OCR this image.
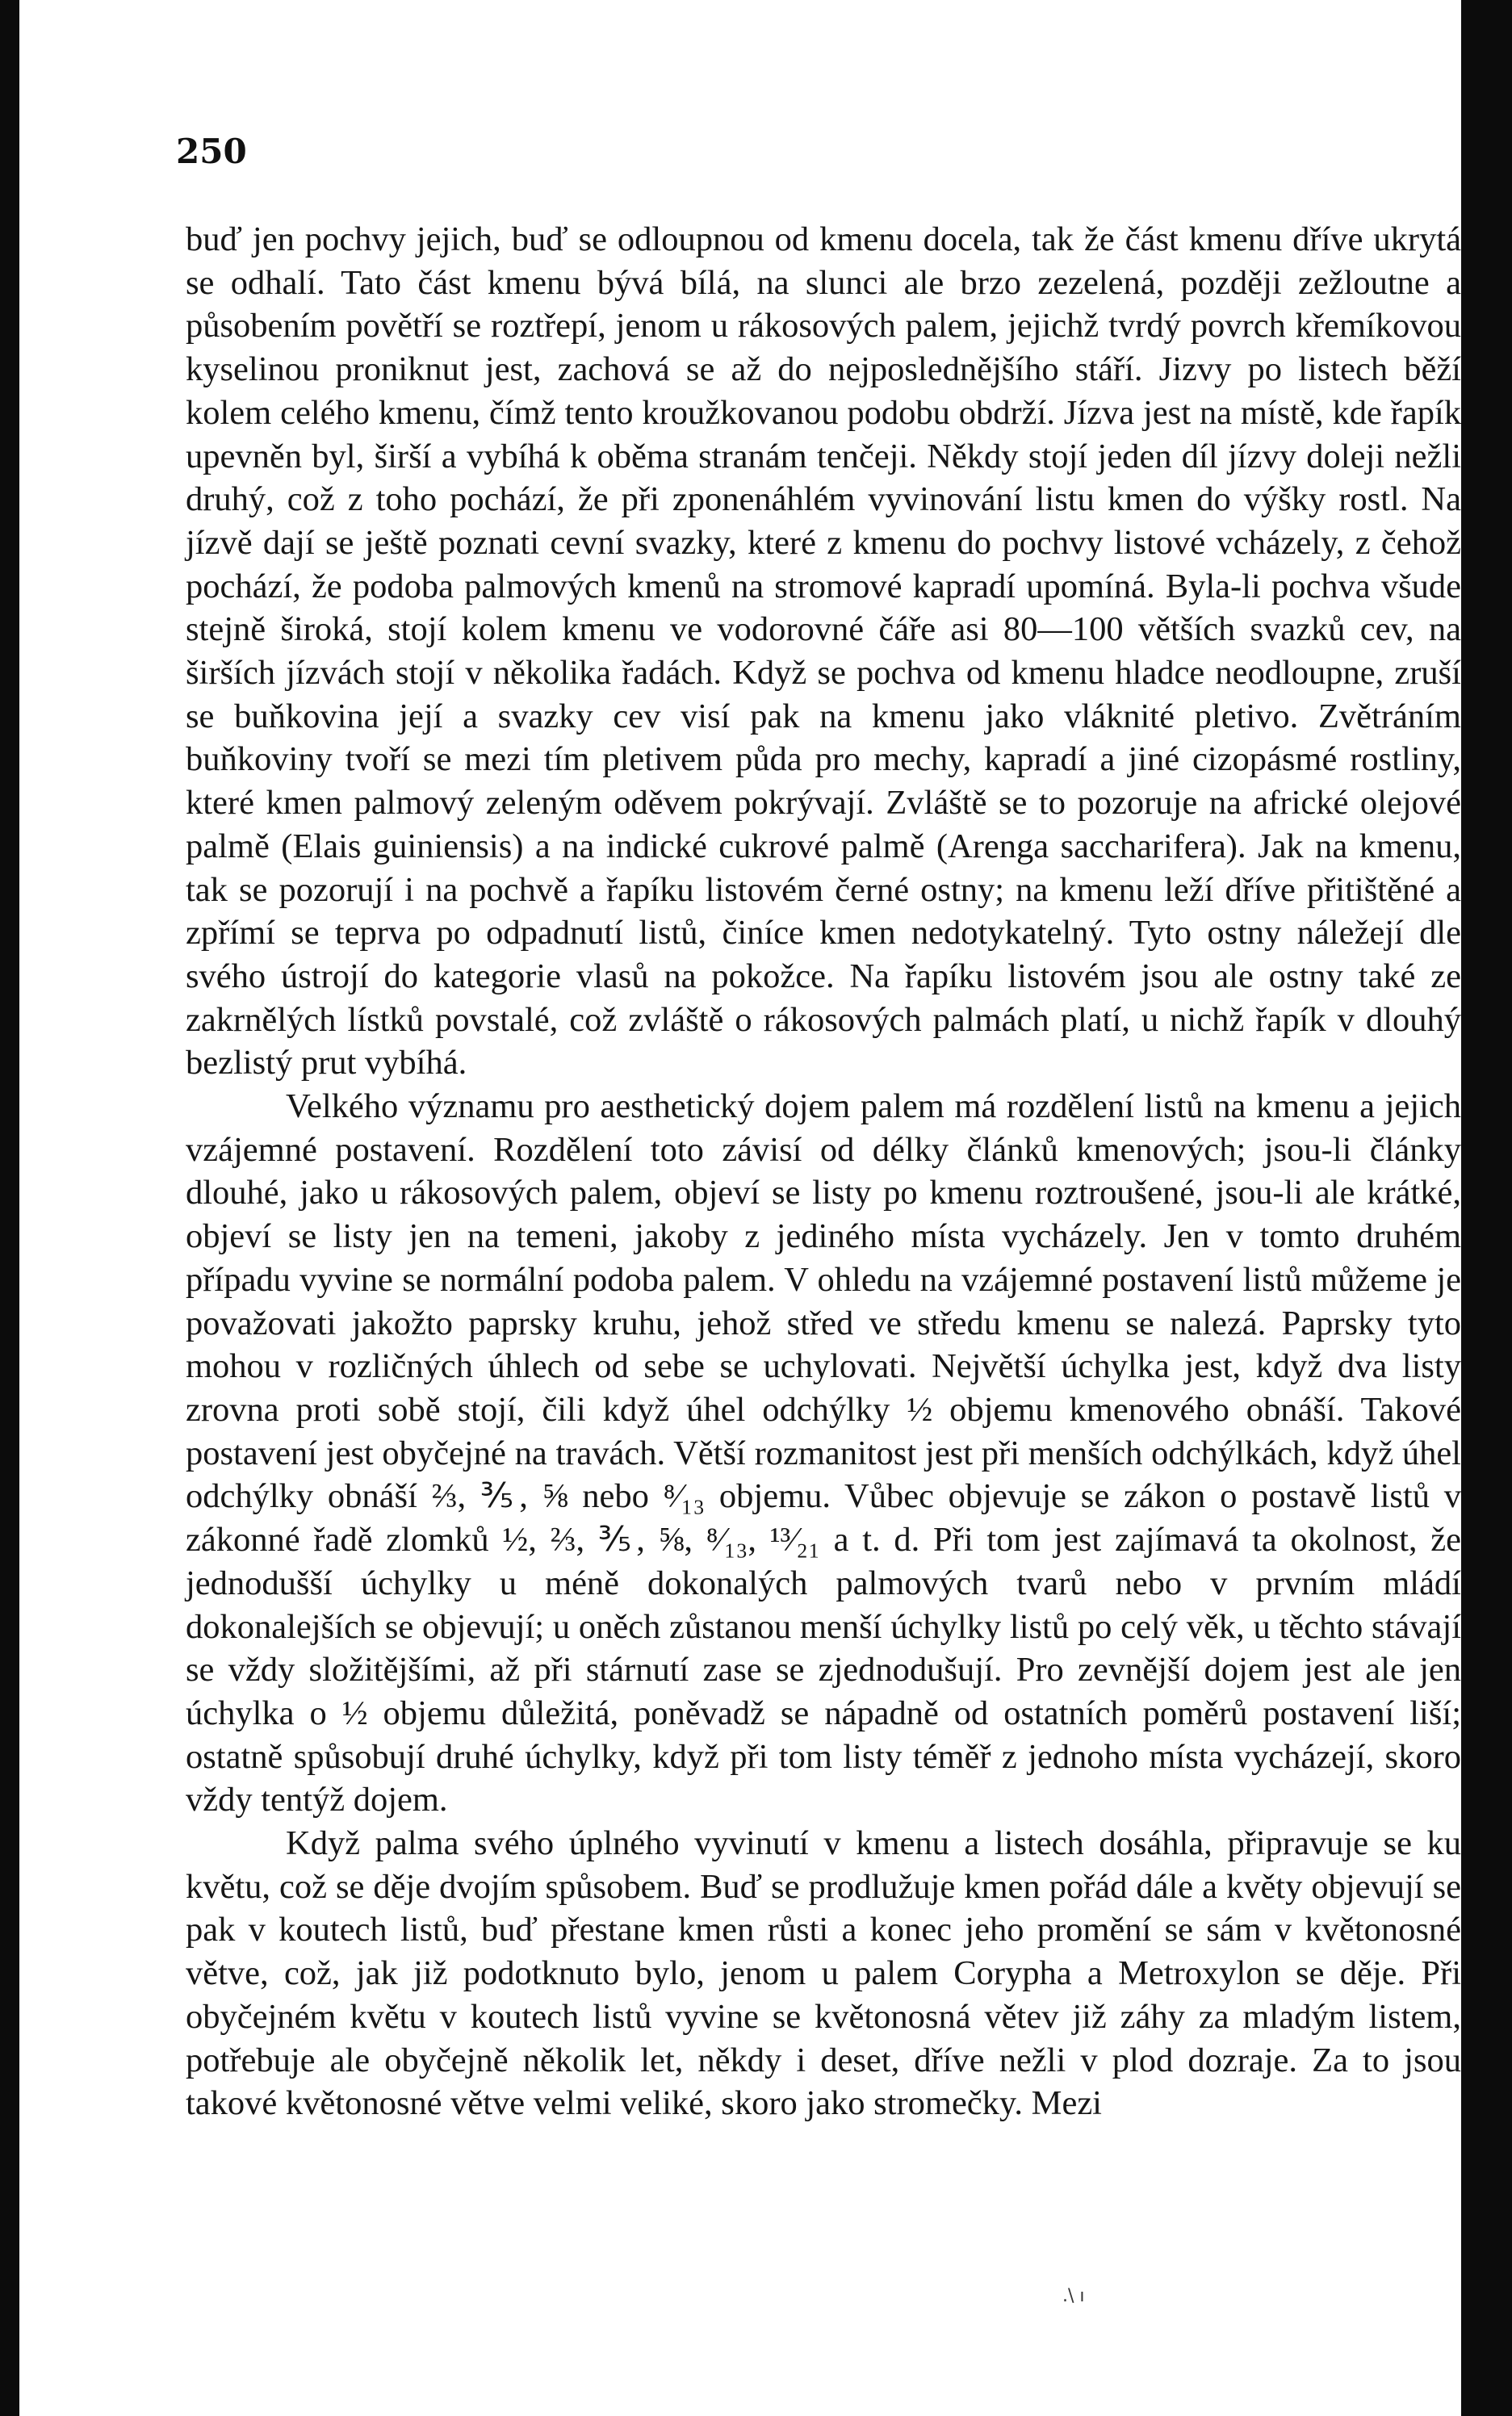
250

buď jen pochvy jejich, buď se odloupnou od kmenu docela, tak že část kmenu dříve ukrytá se odhalí. Tato část kmenu bývá bílá, na slunci ale brzo zezelená, později zežloutne a působením povětří se roztřepí, jenom u rákosových palem, jejichž tvrdý povrch křemíkovou kyselinou proniknut jest, zachová se až do nejposlednějšího stáří. Jizvy po listech běží kolem celého kmenu, čímž tento kroužkovanou podobu obdrží. Jízva jest na místě, kde řapík upevněn byl, širší a vybíhá k oběma stranám tenčeji. Někdy stojí jeden díl jízvy doleji nežli druhý, což z toho pochází, že při zponenáhlém vyvinování listu kmen do výšky rostl. Na jízvě dají se ještě poznati cevní svazky, které z kmenu do pochvy listové vcházely, z čehož pochází, že podoba palmových kmenů na stromové kapradí upomíná. Byla-li pochva všude stejně široká, stojí kolem kmenu ve vodorovné čáře asi 80—100 větších svazků cev, na širších jízvách stojí v několika řadách. Když se pochva od kmenu hladce neodloupne, zruší se buňkovina její a svazky cev visí pak na kmenu jako vláknité pletivo. Zvětráním buňkoviny tvoří se mezi tím pletivem půda pro mechy, kapradí a jiné cizopásmé rostliny, které kmen palmový zeleným oděvem pokrývají. Zvláště se to pozoruje na africké olejové palmě (Elais guiniensis) a na indické cukrové palmě (Arenga saccharifera). Jak na kmenu, tak se pozorují i na pochvě a řapíku listovém černé ostny; na kmenu leží dříve přitištěné a zpřímí se teprva po odpadnutí listů, činíce kmen nedotykatelný. Tyto ostny náležejí dle svého ústrojí do kategorie vlasů na pokožce. Na řapíku listovém jsou ale ostny také ze zakrnělých lístků povstalé, což zvláště o rákosových palmách platí, u nichž řapík v dlouhý bezlistý prut vybíhá.

Velkého významu pro aesthetický dojem palem má rozdělení listů na kmenu a jejich vzájemné postavení. Rozdělení toto závisí od délky článků kmenových; jsou-li články dlouhé, jako u rákosových palem, objeví se listy po kmenu roztroušené, jsou-li ale krátké, objeví se listy jen na temeni, jakoby z jediného místa vycházely. Jen v tomto druhém případu vyvine se normální podoba palem. V ohledu na vzájemné postavení listů můžeme je považovati jakožto paprsky kruhu, jehož střed ve středu kmenu se nalezá. Paprsky tyto mohou v rozličných úhlech od sebe se uchylovati. Největší úchylka jest, když dva listy zrovna proti sobě stojí, čili když úhel odchýlky ½ objemu kmenového obnáší. Takové postavení jest obyčejné na travách. Větší rozmanitost jest při menších odchýlkách, když úhel odchýlky obnáší ⅔, ⅗, ⅝ nebo ⁸⁄₁₃ objemu. Vůbec objevuje se zákon o postavě listů v zákonné řadě zlomků ½, ⅔, ⅗, ⅝, ⁸⁄₁₃, ¹³⁄₂₁ a t. d. Při tom jest zajímavá ta okolnost, že jednodušší úchylky u méně dokonalých palmových tvarů nebo v prvním mládí dokonalejších se objevují; u oněch zůstanou menší úchylky listů po celý věk, u těchto stávají se vždy složitějšími, až při stárnutí zase se zjednodušují. Pro zevnější dojem jest ale jen úchylka o ½ objemu důležitá, poněvadž se nápadně od ostatních poměrů postavení liší; ostatně spůsobují druhé úchylky, když při tom listy téměř z jednoho místa vycházejí, skoro vždy tentýž dojem.

Když palma svého úplného vyvinutí v kmenu a listech dosáhla, připravuje se ku květu, což se děje dvojím spůsobem. Buď se prodlužuje kmen pořád dále a květy objevují se pak v koutech listů, buď přestane kmen růsti a konec jeho promění se sám v květonosné větve, což, jak již podotknuto bylo, jenom u palem Corypha a Metroxylon se děje. Při obyčejném květu v koutech listů vyvine se květonosná větev již záhy za mladým listem, potřebuje ale obyčejně několik let, někdy i deset, dříve nežli v plod dozraje. Za to jsou takové květonosné větve velmi veliké, skoro jako stromečky. Mezi

.\ ı
